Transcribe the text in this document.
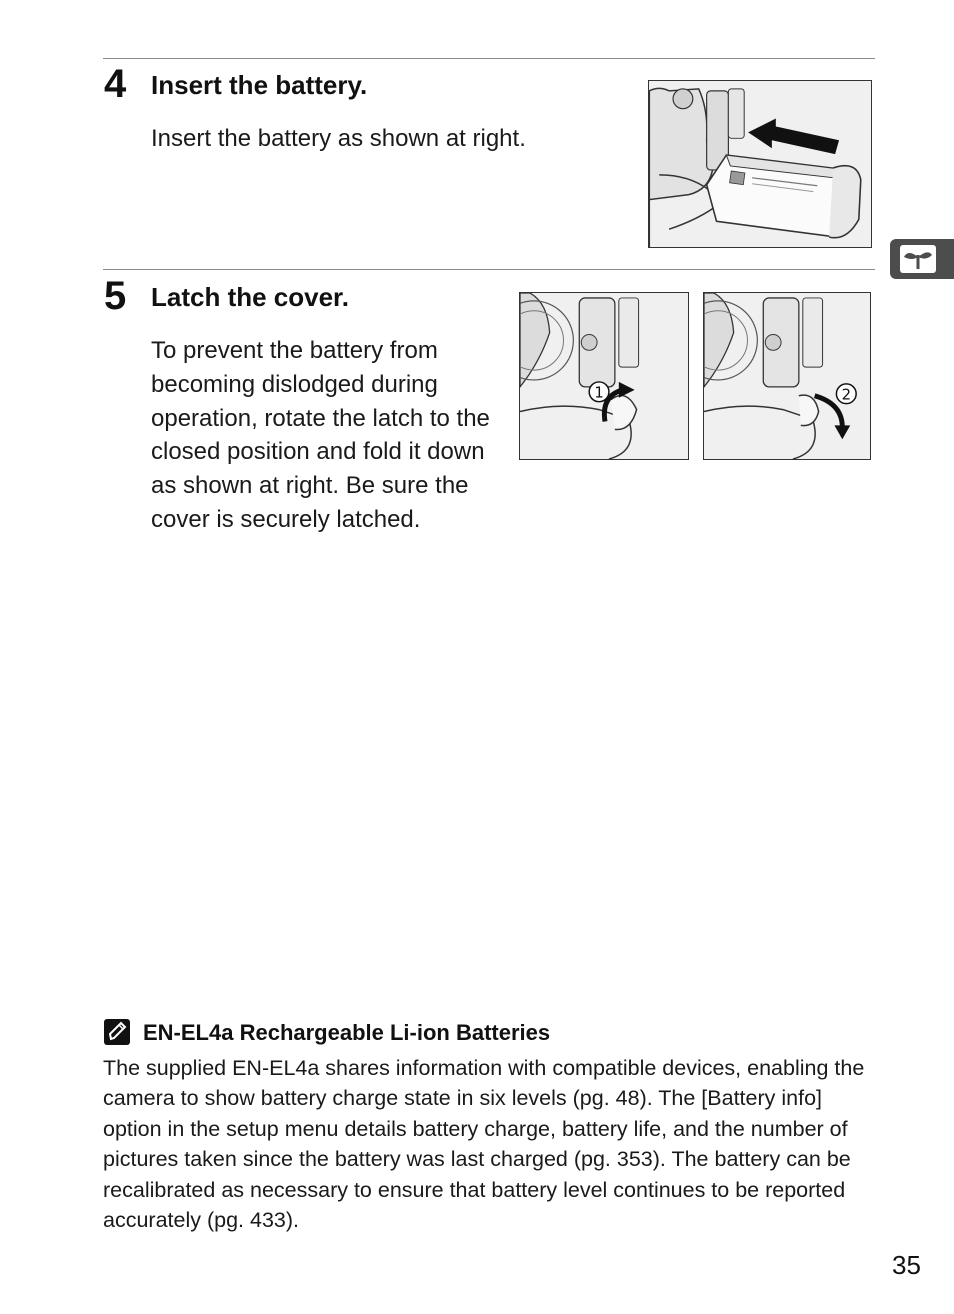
4 Insert the battery.

Insert the battery as shown at right.

5 Latch the cover.

To prevent the battery from becoming dislodged during operation, rotate the latch to the closed position and fold it down as shown at right. Be sure the cover is securely latched.

1	2
EN-EL4a Rechargeable Li-ion Batteries

The supplied EN-EL4a shares information with compatible devices, enabling the camera to show battery charge state in six levels (pg. 48). The [Battery info] option in the setup menu details battery charge, battery life, and the number of pictures taken since the battery was last charged (pg. 353). The battery can be recalibrated as necessary to ensure that battery level continues to be reported accurately (pg. 433).

35
